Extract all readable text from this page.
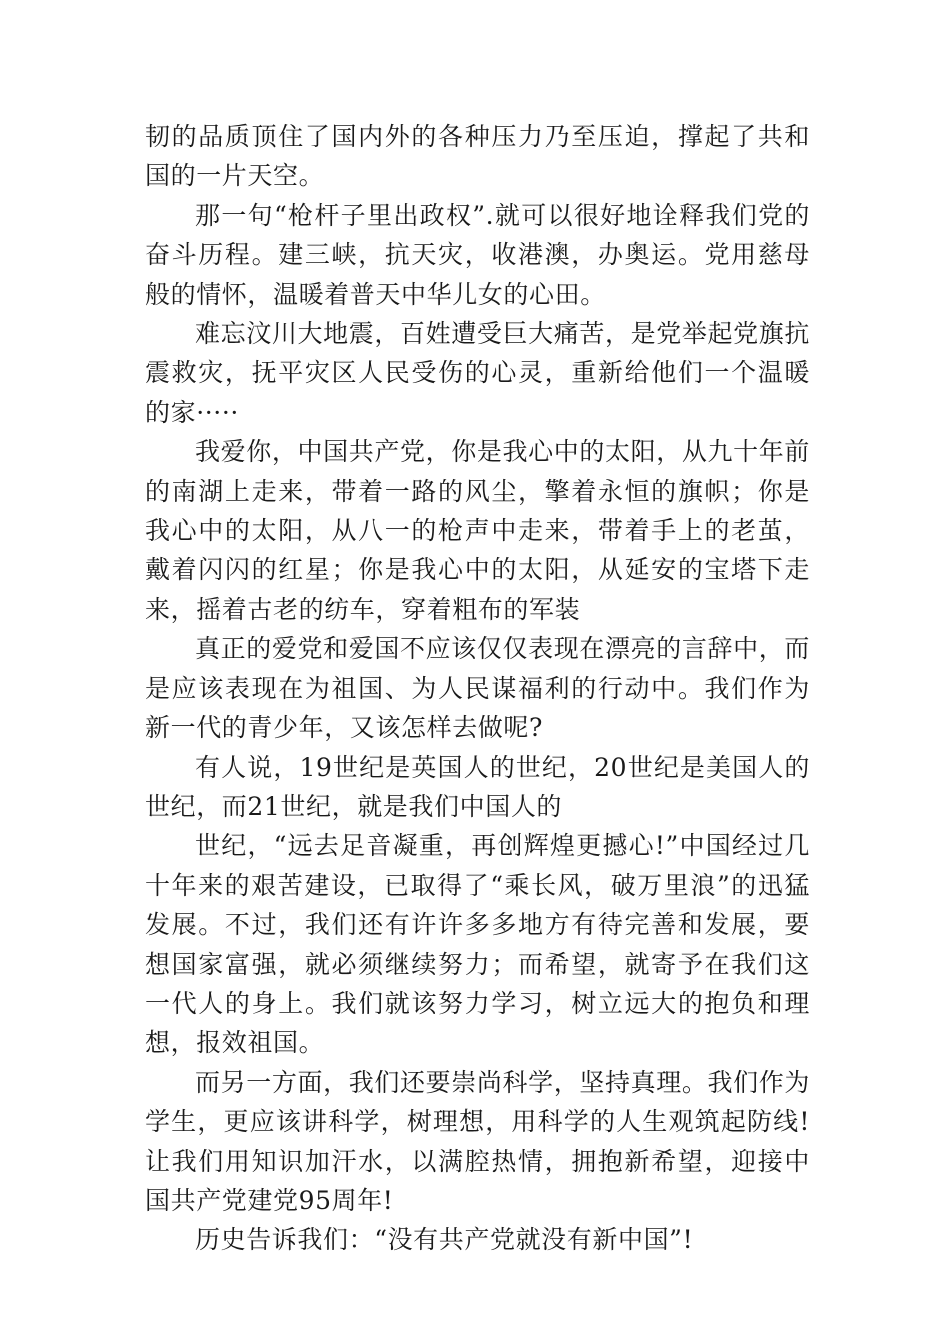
韧的品质顶住了国内外的各种压力乃至压迫，撑起了共和国的一片天空。

那一句“枪杆子里出政权”.就可以很好地诠释我们党的奋斗历程。建三峡，抗天灾，收港澳，办奥运。党用慈母般的情怀，温暖着普天中华儿女的心田。

难忘汶川大地震，百姓遭受巨大痛苦，是党举起党旗抗震救灾，抚平灾区人民受伤的心灵，重新给他们一个温暖的家·····

我爱你，中国共产党，你是我心中的太阳，从九十年前的南湖上走来，带着一路的风尘，擎着永恒的旗帜；你是我心中的太阳，从八一的枪声中走来，带着手上的老茧，戴着闪闪的红星；你是我心中的太阳，从延安的宝塔下走来，摇着古老的纺车，穿着粗布的军装

真正的爱党和爱国不应该仅仅表现在漂亮的言辞中，而是应该表现在为祖国、为人民谋福利的行动中。我们作为新一代的青少年，又该怎样去做呢?

有人说，19世纪是英国人的世纪，20世纪是美国人的世纪，而21世纪，就是我们中国人的

世纪，“远去足音凝重，再创辉煌更撼心!”中国经过几十年来的艰苦建设，已取得了“乘长风，破万里浪”的迅猛发展。不过，我们还有许许多多地方有待完善和发展，要想国家富强，就必须继续努力；而希望，就寄予在我们这一代人的身上。我们就该努力学习，树立远大的抱负和理想，报效祖国。

而另一方面，我们还要崇尚科学，坚持真理。我们作为学生，更应该讲科学，树理想，用科学的人生观筑起防线!让我们用知识加汗水，以满腔热情，拥抱新希望，迎接中国共产党建党95周年!

历史告诉我们：“没有共产党就没有新中国”!
